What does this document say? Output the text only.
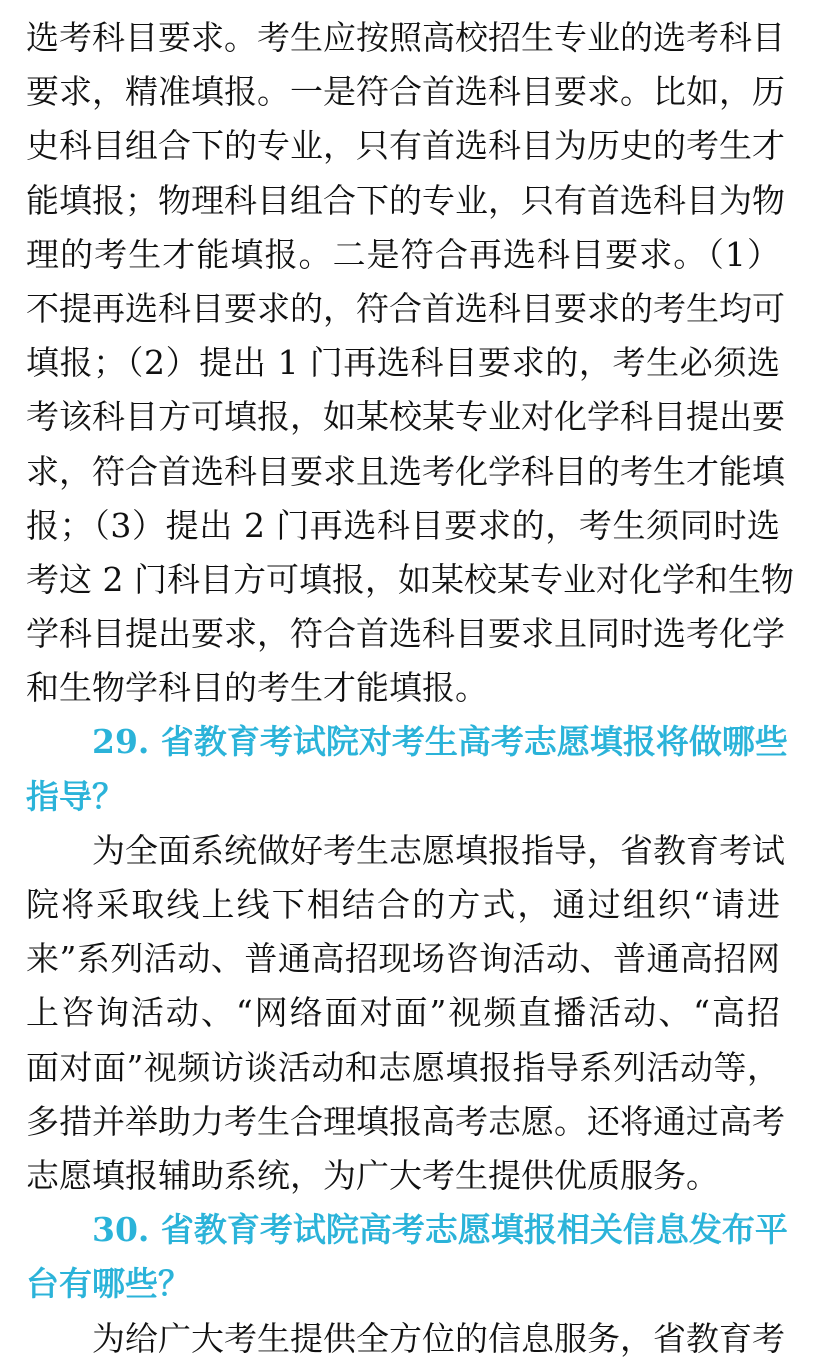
选考科目要求。考生应按照高校招生专业的选考科目
要求，精准填报。一是符合首选科目要求。比如，历
史科目组合下的专业，只有首选科目为历史的考生才
能填报；物理科目组合下的专业，只有首选科目为物
理的考生才能填报。二是符合再选科目要求。（1）
不提再选科目要求的，符合首选科目要求的考生均可
填报；（2）提出 1 门再选科目要求的，考生必须选
考该科目方可填报，如某校某专业对化学科目提出要
求，符合首选科目要求且选考化学科目的考生才能填
报；（3）提出 2 门再选科目要求的，考生须同时选
考这 2 门科目方可填报，如某校某专业对化学和生物
学科目提出要求，符合首选科目要求且同时选考化学
和生物学科目的考生才能填报。
29. 省教育考试院对考生高考志愿填报将做哪些
指导？
为全面系统做好考生志愿填报指导，省教育考试
院将采取线上线下相结合的方式，通过组织“请进
来”系列活动、普通高招现场咨询活动、普通高招网
上咨询活动、“网络面对面”视频直播活动、“高招
面对面”视频访谈活动和志愿填报指导系列活动等，
多措并举助力考生合理填报高考志愿。还将通过高考
志愿填报辅助系统，为广大考生提供优质服务。
30. 省教育考试院高考志愿填报相关信息发布平
台有哪些？
为给广大考生提供全方位的信息服务，省教育考
